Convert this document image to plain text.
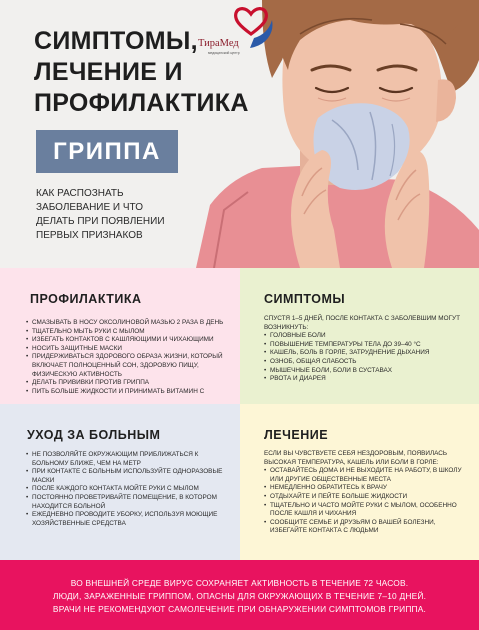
ТираМед
медицинский центр
СИМПТОМЫ,
ЛЕЧЕНИЕ И
ПРОФИЛАКТИКА
ГРИППА

КАК РАСПОЗНАТЬ
ЗАБОЛЕВАНИЕ И ЧТО
ДЕЛАТЬ ПРИ ПОЯВЛЕНИИ
ПЕРВЫХ ПРИЗНАКОВ

ПРОФИЛАКТИКА
• СМАЗЫВАТЬ В НОСУ ОКСОЛИНОВОЙ МАЗЬЮ 2 РАЗА В ДЕНЬ
• ТЩАТЕЛЬНО МЫТЬ РУКИ С МЫЛОМ
• ИЗБЕГАТЬ КОНТАКТОВ С КАШЛЯЮЩИМИ И ЧИХАЮЩИМИ
• НОСИТЬ ЗАЩИТНЫЕ МАСКИ
• ПРИДЕРЖИВАТЬСЯ ЗДОРОВОГО ОБРАЗА ЖИЗНИ, КОТОРЫЙ ВКЛЮЧАЕТ ПОЛНОЦЕННЫЙ СОН, ЗДОРОВУЮ ПИЩУ, ФИЗИЧЕСКУЮ АКТИВНОСТЬ
• ДЕЛАТЬ ПРИВИВКИ ПРОТИВ ГРИППА
• ПИТЬ БОЛЬШЕ ЖИДКОСТИ И ПРИНИМАТЬ ВИТАМИН С
СИМПТОМЫ
СПУСТЯ 1–5 ДНЕЙ, ПОСЛЕ КОНТАКТА С ЗАБОЛЕВШИМ МОГУТ ВОЗНИКНУТЬ:
• ГОЛОВНЫЕ БОЛИ
• ПОВЫШЕНИЕ ТЕМПЕРАТУРЫ ТЕЛА ДО 39–40 °С
• КАШЕЛЬ, БОЛЬ В ГОРЛЕ, ЗАТРУДНЕНИЕ ДЫХАНИЯ
• ОЗНОБ, ОБЩАЯ СЛАБОСТЬ
• МЫШЕЧНЫЕ БОЛИ, БОЛИ В СУСТАВАХ
• РВОТА И ДИАРЕЯ
УХОД ЗА БОЛЬНЫМ
• НЕ ПОЗВОЛЯЙТЕ ОКРУЖАЮЩИМ ПРИБЛИЖАТЬСЯ К БОЛЬНОМУ БЛИЖЕ, ЧЕМ НА МЕТР
• ПРИ КОНТАКТЕ С БОЛЬНЫМ ИСПОЛЬЗУЙТЕ ОДНОРАЗОВЫЕ МАСКИ
• ПОСЛЕ КАЖДОГО КОНТАКТА МОЙТЕ РУКИ С МЫЛОМ
• ПОСТОЯННО ПРОВЕТРИВАЙТЕ ПОМЕЩЕНИЕ, В КОТОРОМ НАХОДИТСЯ БОЛЬНОЙ
• ЕЖЕДНЕВНО ПРОВОДИТЕ УБОРКУ, ИСПОЛЬЗУЯ МОЮЩИЕ ХОЗЯЙСТВЕННЫЕ СРЕДСТВА
ЛЕЧЕНИЕ
ЕСЛИ ВЫ ЧУВСТВУЕТЕ СЕБЯ НЕЗДОРОВЫМ, ПОЯВИЛАСЬ ВЫСОКАЯ ТЕМПЕРАТУРА, КАШЕЛЬ ИЛИ БОЛИ В ГОРЛЕ:
• ОСТАВАЙТЕСЬ ДОМА И НЕ ВЫХОДИТЕ НА РАБОТУ, В ШКОЛУ ИЛИ ДРУГИЕ ОБЩЕСТВЕННЫЕ МЕСТА
• НЕМЕДЛЕННО ОБРАТИТЕСЬ К ВРАЧУ
• ОТДЫХАЙТЕ И ПЕЙТЕ БОЛЬШЕ ЖИДКОСТИ
• ТЩАТЕЛЬНО И ЧАСТО МОЙТЕ РУКИ С МЫЛОМ, ОСОБЕННО ПОСЛЕ КАШЛЯ И ЧИХАНИЯ
• СООБЩИТЕ СЕМЬЕ И ДРУЗЬЯМ О ВАШЕЙ БОЛЕЗНИ, ИЗБЕГАЙТЕ КОНТАКТА С ЛЮДЬМИ
ВО ВНЕШНЕЙ СРЕДЕ ВИРУС СОХРАНЯЕТ АКТИВНОСТЬ В ТЕЧЕНИЕ 72 ЧАСОВ.
ЛЮДИ, ЗАРАЖЕННЫЕ ГРИППОМ, ОПАСНЫ ДЛЯ ОКРУЖАЮЩИХ В ТЕЧЕНИЕ 7–10 ДНЕЙ.
ВРАЧИ НЕ РЕКОМЕНДУЮТ САМОЛЕЧЕНИЕ ПРИ ОБНАРУЖЕНИИ СИМПТОМОВ ГРИППА.
